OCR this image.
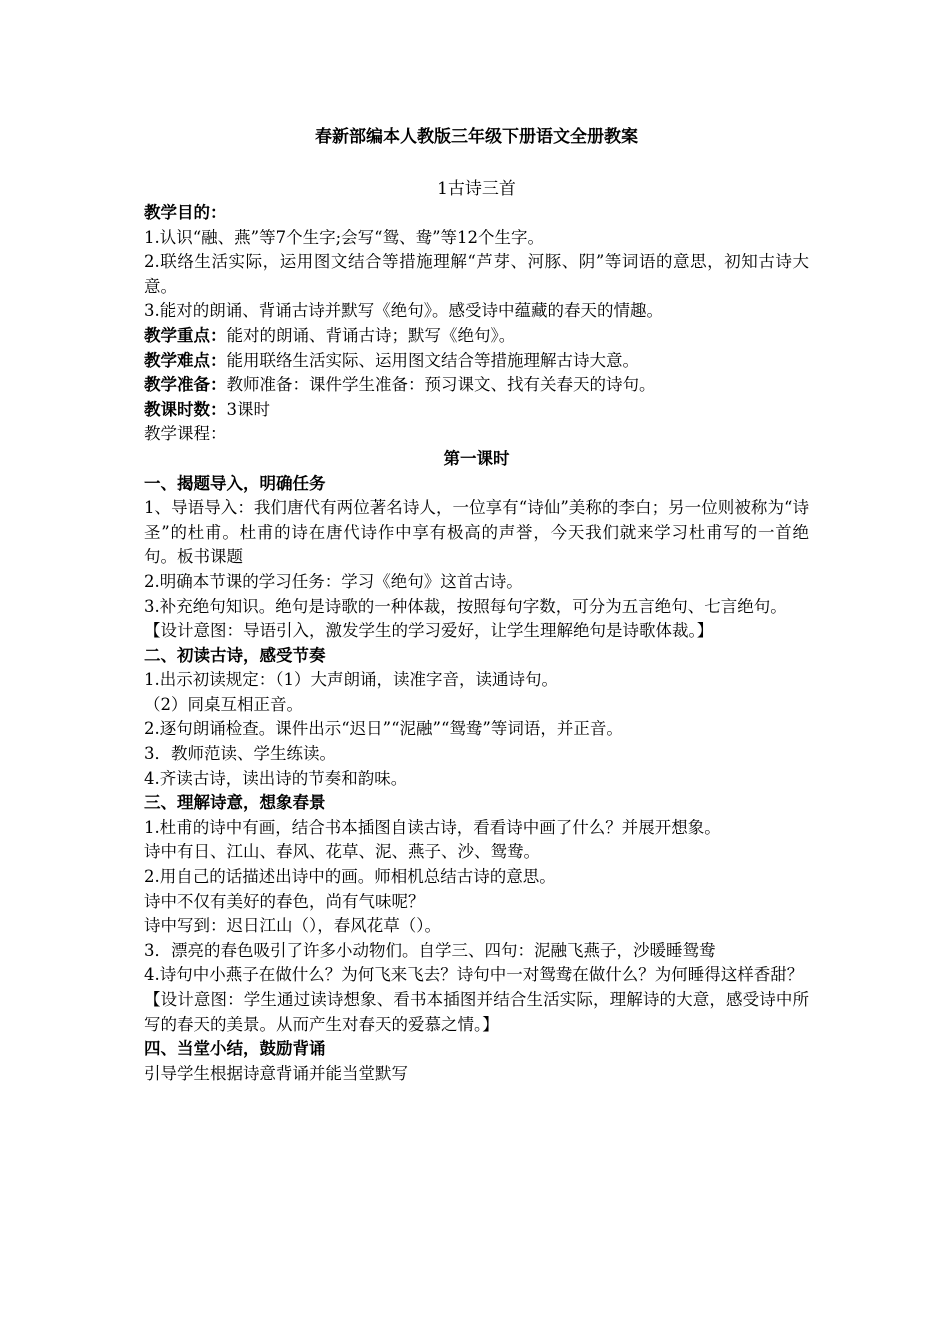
春新部编本人教版三年级下册语文全册教案

1古诗三首

教学目的：

1.认识“融、燕”等7个生字;会写“鸳、鸯”等12个生字。

2.联络生活实际，运用图文结合等措施理解“芦芽、河豚、阴”等词语的意思，初知古诗大意。

3.能对的朗诵、背诵古诗并默写《绝句》。感受诗中蕴藏的春天的情趣。

教学重点：能对的朗诵、背诵古诗；默写《绝句》。

教学难点：能用联络生活实际、运用图文结合等措施理解古诗大意。

教学准备：教师准备：课件学生准备：预习课文、找有关春天的诗句。

教课时数：3课时

教学课程：

第一课时

一、揭题导入，明确任务

1、导语导入：我们唐代有两位著名诗人，一位享有“诗仙”美称的李白；另一位则被称为“诗圣”的杜甫。杜甫的诗在唐代诗作中享有极高的声誉，今天我们就来学习杜甫写的一首绝句。板书课题

2.明确本节课的学习任务：学习《绝句》这首古诗。

3.补充绝句知识。绝句是诗歌的一种体裁，按照每句字数，可分为五言绝句、七言绝句。

【设计意图：导语引入，激发学生的学习爱好，让学生理解绝句是诗歌体裁。】

二、初读古诗，感受节奏

1.出示初读规定：（1）大声朗诵，读准字音，读通诗句。

（2）同桌互相正音。

2.逐句朗诵检查。课件出示“迟日”“泥融”“鸳鸯”等词语，并正音。

3．教师范读、学生练读。

4.齐读古诗，读出诗的节奏和韵味。

三、理解诗意，想象春景

1.杜甫的诗中有画，结合书本插图自读古诗，看看诗中画了什么？并展开想象。

诗中有日、江山、春风、花草、泥、燕子、沙、鸳鸯。

2.用自己的话描述出诗中的画。师相机总结古诗的意思。

诗中不仅有美好的春色，尚有气味呢？

诗中写到：迟日江山（），春风花草（）。

3．漂亮的春色吸引了许多小动物们。自学三、四句：泥融飞燕子，沙暖睡鸳鸯

4.诗句中小燕子在做什么？为何飞来飞去？诗句中一对鸳鸯在做什么？为何睡得这样香甜？

【设计意图：学生通过读诗想象、看书本插图并结合生活实际，理解诗的大意，感受诗中所写的春天的美景。从而产生对春天的爱慕之情。】

四、当堂小结，鼓励背诵

引导学生根据诗意背诵并能当堂默写
